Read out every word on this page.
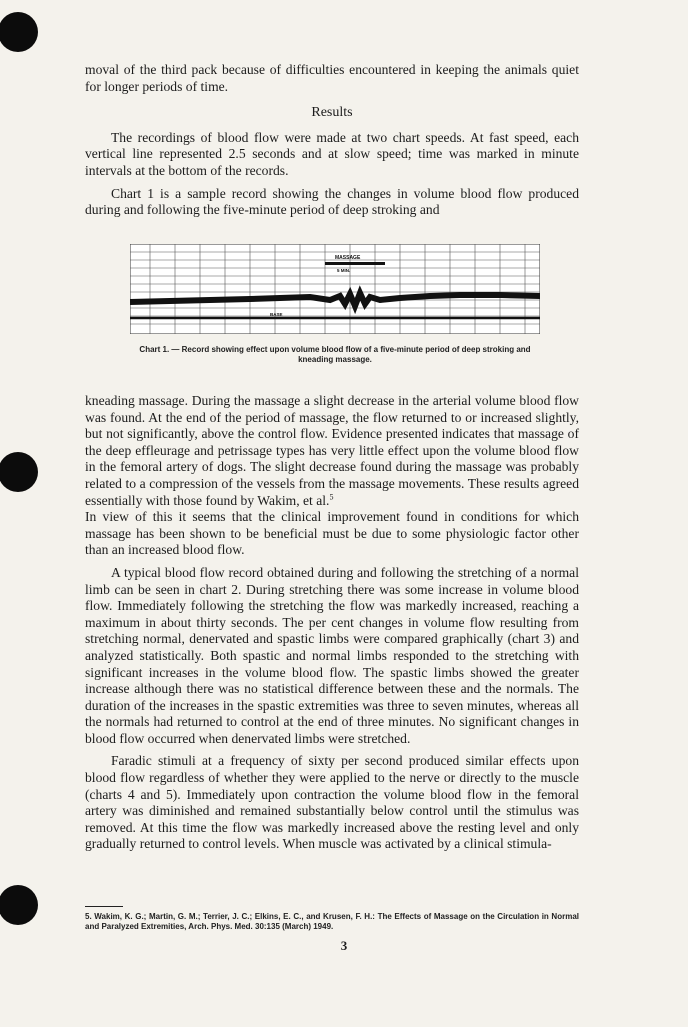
moval of the third pack because of difficulties encountered in keeping the animals quiet for longer periods of time.

Results

The recordings of blood flow were made at two chart speeds. At fast speed, each vertical line represented 2.5 seconds and at slow speed; time was marked in minute intervals at the bottom of the records.

Chart 1 is a sample record showing the changes in volume blood flow produced during and following the five-minute period of deep stroking and

MASSAGE
5 MIN.
BASE
Chart 1. — Record showing effect upon volume blood flow of a five-minute period of deep stroking and kneading massage.

kneading massage. During the massage a slight decrease in the arterial volume blood flow was found. At the end of the period of massage, the flow returned to or increased slightly, but not significantly, above the control flow. Evidence presented indicates that massage of the deep effleurage and petrissage types has very little effect upon the volume blood flow in the femoral artery of dogs. The slight decrease found during the massage was probably related to a compression of the vessels from the massage movements. These results agreed essentially with those found by Wakim, et al.$^5$

In view of this it seems that the clinical improvement found in conditions for which massage has been shown to be beneficial must be due to some physiologic factor other than an increased blood flow.

A typical blood flow record obtained during and following the stretching of a normal limb can be seen in chart 2. During stretching there was some increase in volume blood flow. Immediately following the stretching the flow was markedly increased, reaching a maximum in about thirty seconds. The per cent changes in volume flow resulting from stretching normal, denervated and spastic limbs were compared graphically (chart 3) and analyzed statistically. Both spastic and normal limbs responded to the stretching with significant increases in the volume blood flow. The spastic limbs showed the greater increase although there was no statistical difference between these and the normals. The duration of the increases in the spastic extremities was three to seven minutes, whereas all the normals had returned to control at the end of three minutes. No significant changes in blood flow occurred when denervated limbs were stretched.

Faradic stimuli at a frequency of sixty per second produced similar effects upon blood flow regardless of whether they were applied to the nerve or directly to the muscle (charts 4 and 5). Immediately upon contraction the volume blood flow in the femoral artery was diminished and remained substantially below control until the stimulus was removed. At this time the flow was markedly increased above the resting level and only gradually returned to control levels. When muscle was activated by a clinical stimula-

5. Wakim, K. G.; Martin, G. M.; Terrier, J. C.; Elkins, E. C., and Krusen, F. H.: The Effects of Massage on the Circulation in Normal and Paralyzed Extremities, Arch. Phys. Med. 30:135 (March) 1949.
3
